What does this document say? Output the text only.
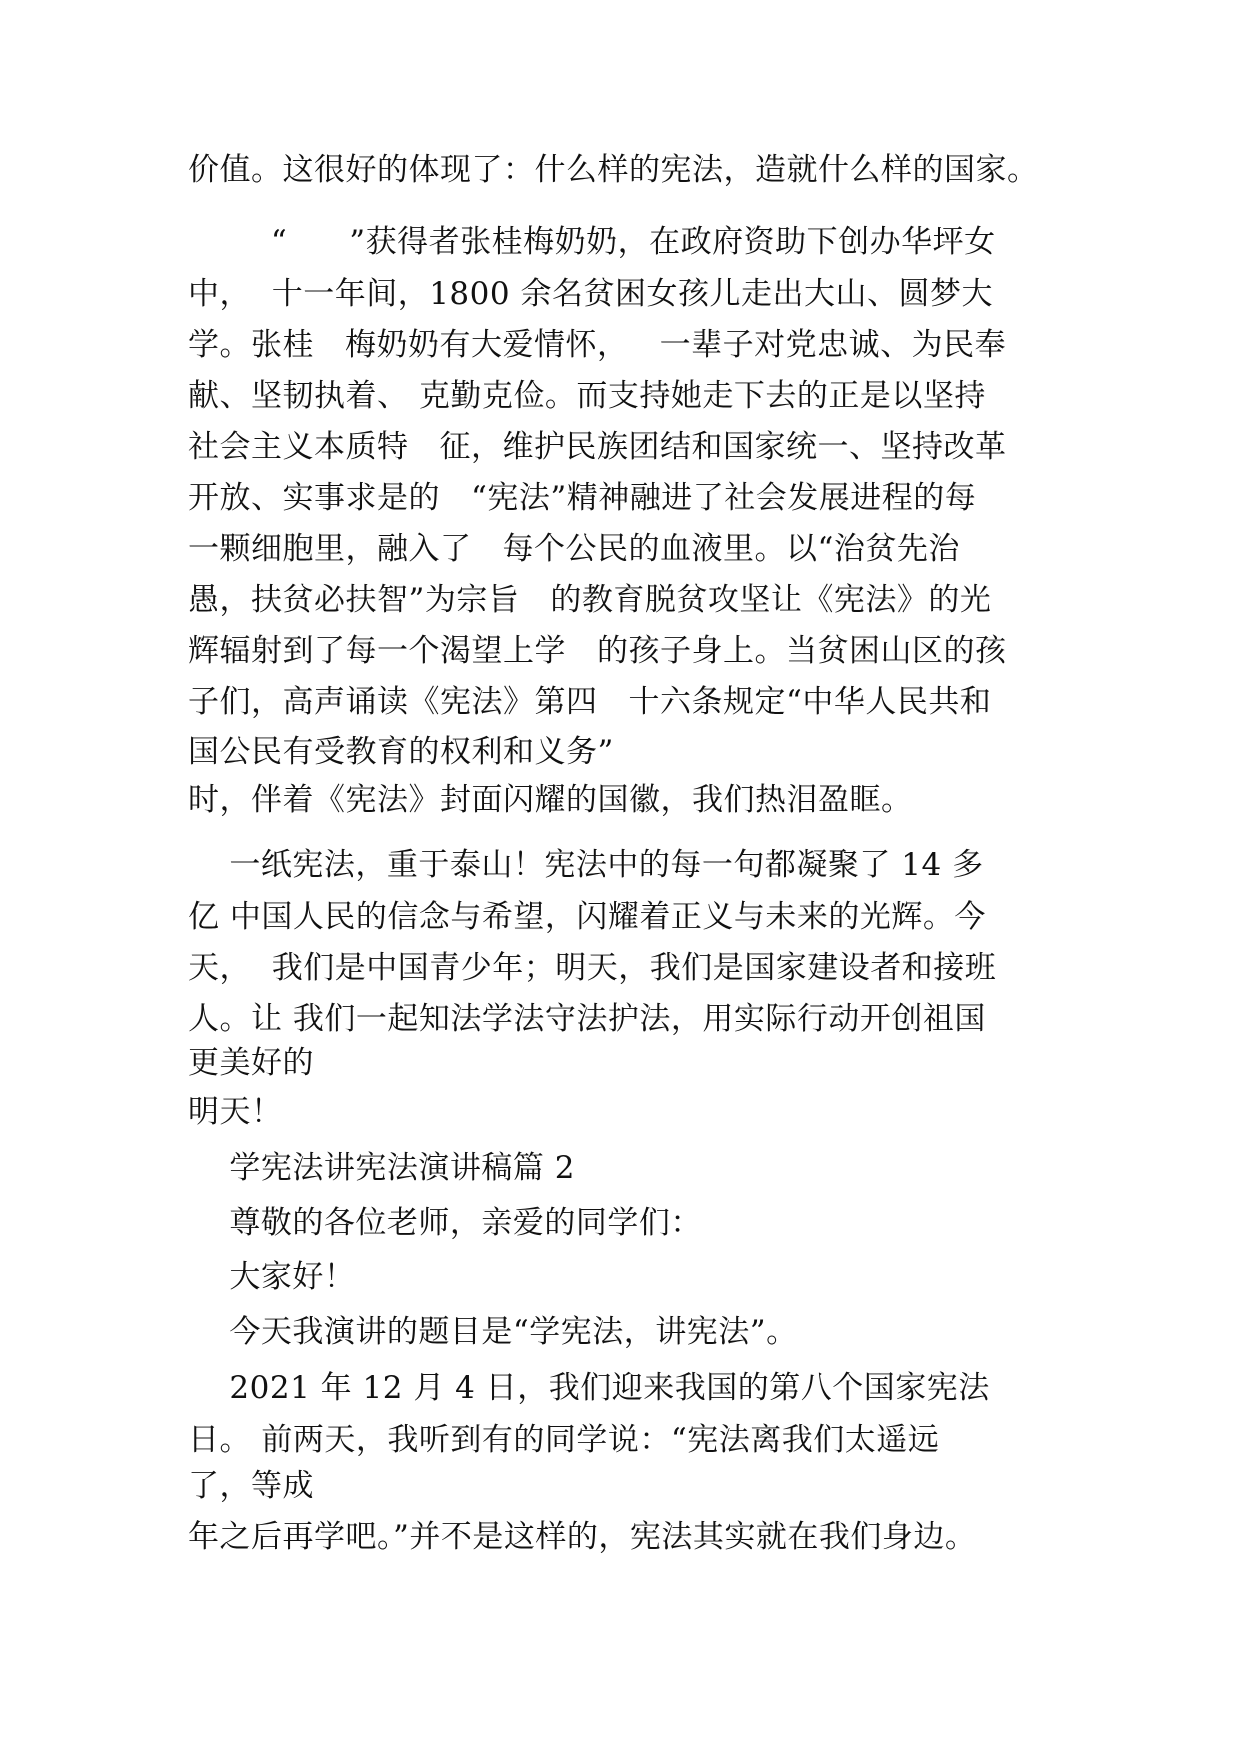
价值。这很好的体现了：什么样的宪法，造就什么样的国家。
“      ”获得者张桂梅奶奶，在政府资助下创办华坪女
中，  十一年间，1800 余名贫困女孩儿走出大山、圆梦大
学。张桂   梅奶奶有大爱情怀，   一辈子对党忠诚、为民奉
献、坚韧执着、 克勤克俭。而支持她走下去的正是以坚持
社会主义本质特   征，维护民族团结和国家统一、坚持改革
开放、实事求是的   “宪法”精神融进了社会发展进程的每
一颗细胞里，融入了   每个公民的血液里。以“治贫先治
愚，扶贫必扶智”为宗旨   的教育脱贫攻坚让《宪法》的光
辉辐射到了每一个渴望上学   的孩子身上。当贫困山区的孩
子们，高声诵读《宪法》第四   十六条规定“中华人民共和
国公民有受教育的权利和义务”
时，伴着《宪法》封面闪耀的国徽，我们热泪盈眶。
一纸宪法，重于泰山！宪法中的每一句都凝聚了 14 多
亿 中国人民的信念与希望，闪耀着正义与未来的光辉。今
天，  我们是中国青少年；明天，我们是国家建设者和接班
人。让 我们一起知法学法守法护法，用实际行动开创祖国
更美好的
明天！
学宪法讲宪法演讲稿篇 2
尊敬的各位老师，亲爱的同学们：
大家好！
今天我演讲的题目是“学宪法，讲宪法”。
2021 年 12 月 4 日，我们迎来我国的第八个国家宪法
日。 前两天，我听到有的同学说：“宪法离我们太遥远
了，等成
年之后再学吧。”并不是这样的，宪法其实就在我们身边。
